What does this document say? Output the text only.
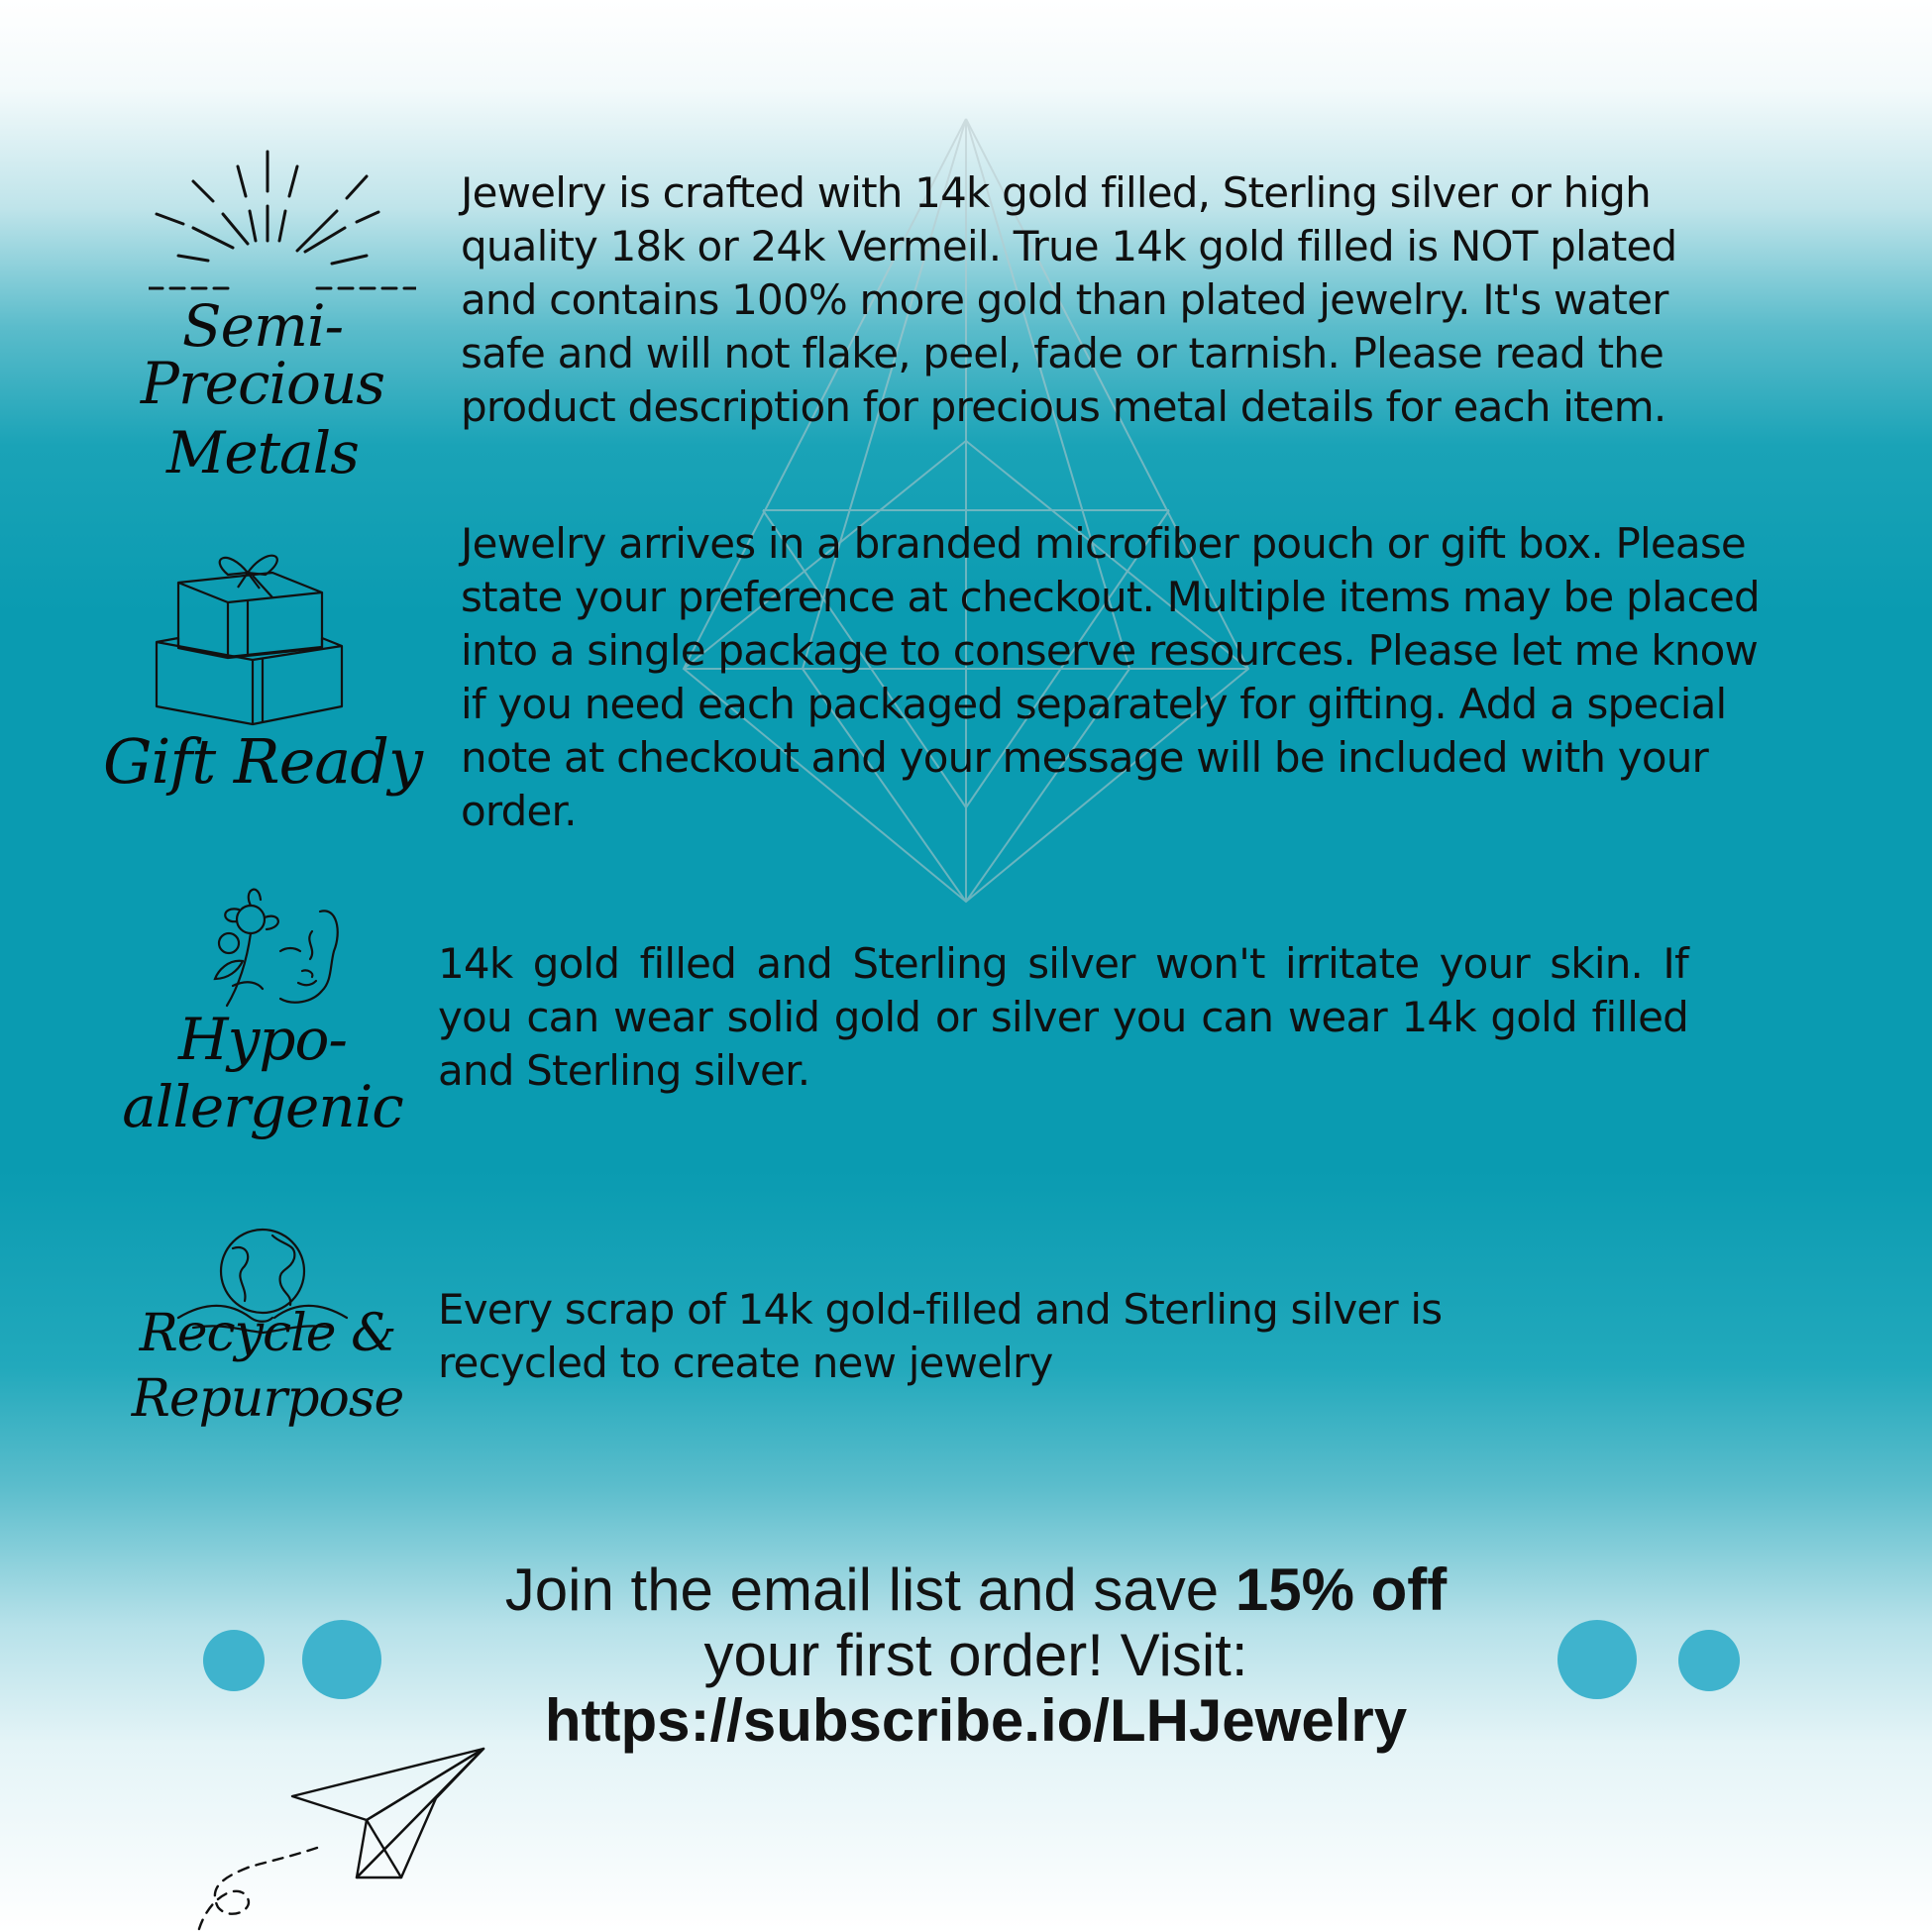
Semi-Precious
Metals

Jewelry is crafted with 14k gold filled, Sterling silver or high quality 18k or 24k Vermeil. True 14k gold filled is NOT plated and contains 100% more gold than plated jewelry. It's water safe and will not flake, peel, fade or tarnish. Please read the product description for precious metal details for each item.

Gift Ready

Jewelry arrives in a branded microfiber pouch or gift box. Please state your preference at checkout. Multiple items may be placed into a single package to conserve resources. Please let me know if you need each packaged separately for gifting. Add a special note at checkout and your message will be included with your order.

Hypo-
allergenic

14k gold filled and Sterling silver won't irritate your skin. If you can wear solid gold or silver you can wear 14k gold filled and Sterling silver.

Recycle &
Repurpose

Every scrap of 14k gold-filled and Sterling silver is recycled to create new jewelry

Join the email list and save 15% off
your first order! Visit:
https://subscribe.io/LHJewelry
